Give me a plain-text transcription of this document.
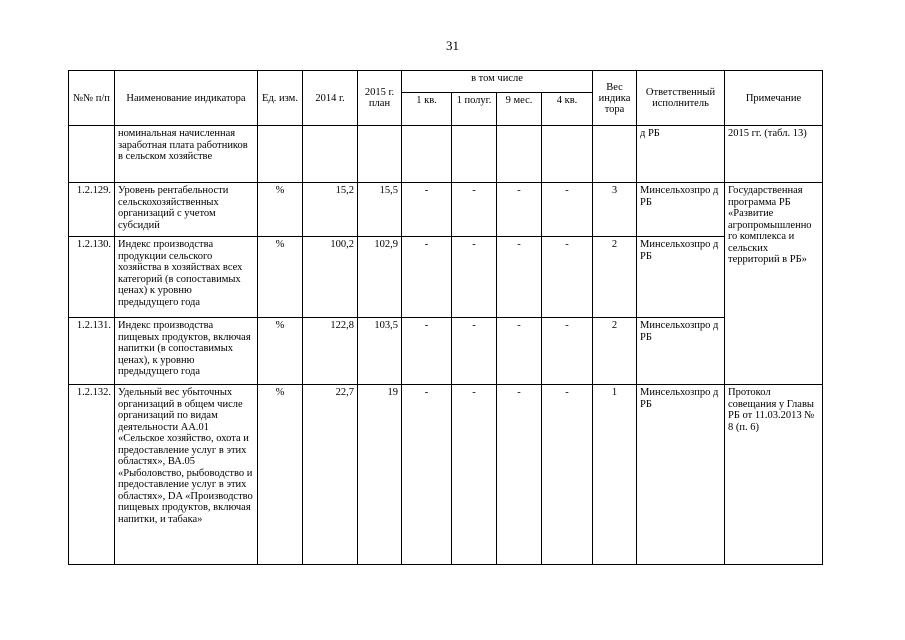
31
№№ п/п	Наименование индикатора	Ед. изм.	2014 г.	2015 г. план	в том числе				Вес индика тора	Ответственный исполнитель	Примечание
					1 кв.	1 полуг.	9 мес.	4 кв.			
	номинальная начисленная заработная плата работников в сельском хозяйстве									д РБ	2015 гг. (табл. 13)
1.2.129.	Уровень рентабельности сельскохозяйственных организаций с учетом субсидий	%	15,2	15,5	-	-	-	-	3	Минсельхозпро д РБ	Государственная программа РБ «Развитие агропромышленно го комплекса и сельских территорий в РБ»
1.2.130.	Индекс производства продукции сельского хозяйства в хозяйствах всех категорий (в сопоставимых ценах) к уровню предыдущего года	%	100,2	102,9	-	-	-	-	2	Минсельхозпро д РБ	
1.2.131.	Индекс производства пищевых продуктов, включая напитки (в сопоставимых ценах), к уровню предыдущего года	%	122,8	103,5	-	-	-	-	2	Минсельхозпро д РБ	
1.2.132.	Удельный вес убыточных организаций в общем числе организаций по видам деятельности АА.01 «Сельское хозяйство, охота и предоставление услуг в этих областях», ВА.05 «Рыболовство, рыбоводство и предоставление услуг в этих областях», DA «Производство пищевых продуктов, включая напитки, и табака»	%	22,7	19	-	-	-	-	1	Минсельхозпро д РБ	Протокол совещания у Главы РБ от 11.03.2013 № 8 (п. 6)
